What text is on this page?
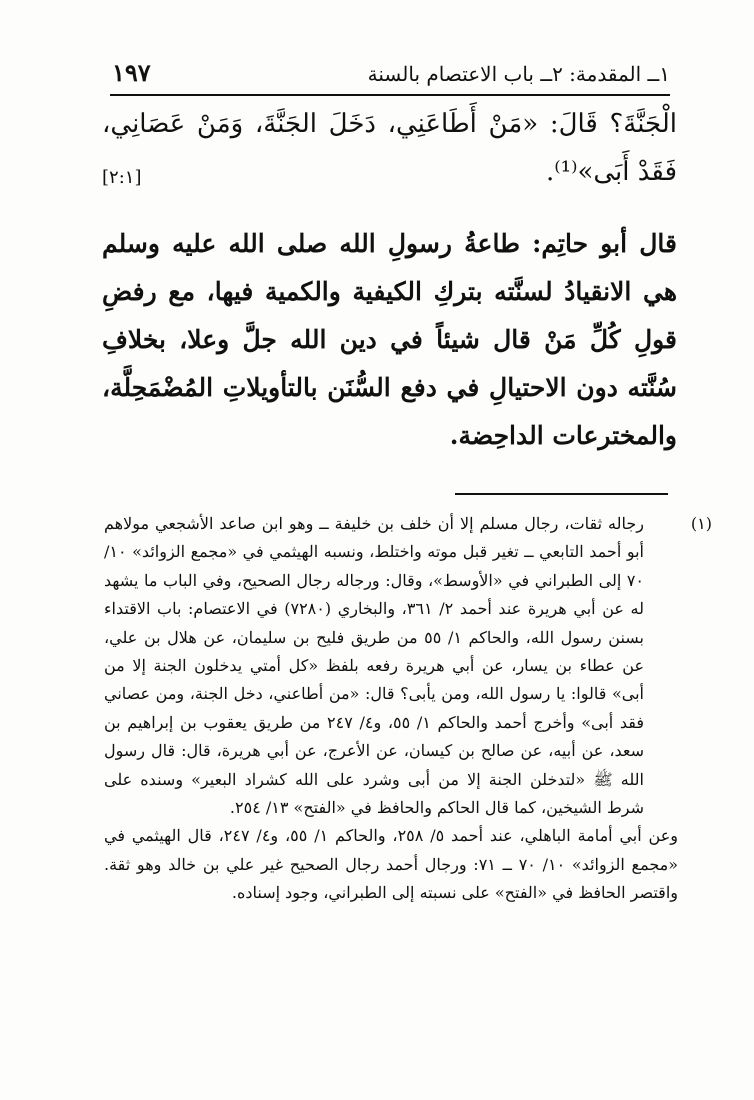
١ــ المقدمة: ٢ــ باب الاعتصام بالسنة
١٩٧

الْجَنَّةَ؟ قَالَ: «مَنْ أَطَاعَنِي، دَخَلَ الجَنَّةَ، وَمَنْ عَصَانِي، فَقَدْ أَبَى»⁽¹⁾.
[٢:١]

قال أبو حاتِم: طاعةُ رسولِ الله صلى الله عليه وسلم هي الانقيادُ لسنَّته بتركِ الكيفية والكمية فيها، مع رفضِ قولِ كُلِّ مَنْ قال شيئاً في دين الله جلَّ وعلا، بخلافِ سُنَّته دون الاحتيالِ في دفع السُّنَن بالتأويلاتِ المُضْمَحِلَّة، والمخترعات الداحِضة.

(١)رجاله ثقات، رجال مسلم إلا أن خلف بن خليفة ــ وهو ابن صاعد الأشجعي مولاهم أبو أحمد التابعي ــ تغير قبل موته واختلط، ونسبه الهيثمي في «مجمع الزوائد» ١٠/ ٧٠ إلى الطبراني في «الأوسط»، وقال: ورجاله رجال الصحيح، وفي الباب ما يشهد له عن أبي هريرة عند أحمد ٢/ ٣٦١، والبخاري (٧٢٨٠) في الاعتصام: باب الاقتداء بسنن رسول الله، والحاكم ١/ ٥٥ من طريق فليح بن سليمان، عن هلال بن علي، عن عطاء بن يسار، عن أبي هريرة رفعه بلفظ «كل أمتي يدخلون الجنة إلا من أبى» قالوا: يا رسول الله، ومن يأبى؟ قال: «من أطاعني، دخل الجنة، ومن عصاني فقد أبى» وأخرج أحمد والحاكم ١/ ٥٥، و٤/ ٢٤٧ من طريق يعقوب بن إبراهيم بن سعد، عن أبيه، عن صالح بن كيسان، عن الأعرج، عن أبي هريرة، قال: قال رسول الله ﷺ «لتدخلن الجنة إلا من أبى وشرد على الله كشراد البعير» وسنده على شرط الشيخين، كما قال الحاكم والحافظ في «الفتح» ١٣/ ٢٥٤.

وعن أبي أمامة الباهلي، عند أحمد ٥/ ٢٥٨، والحاكم ١/ ٥٥، و٤/ ٢٤٧، قال الهيثمي في «مجمع الزوائد» ١٠/ ٧٠ ــ ٧١: ورجال أحمد رجال الصحيح غير علي بن خالد وهو ثقة. واقتصر الحافظ في «الفتح» على نسبته إلى الطبراني، وجود إسناده.
